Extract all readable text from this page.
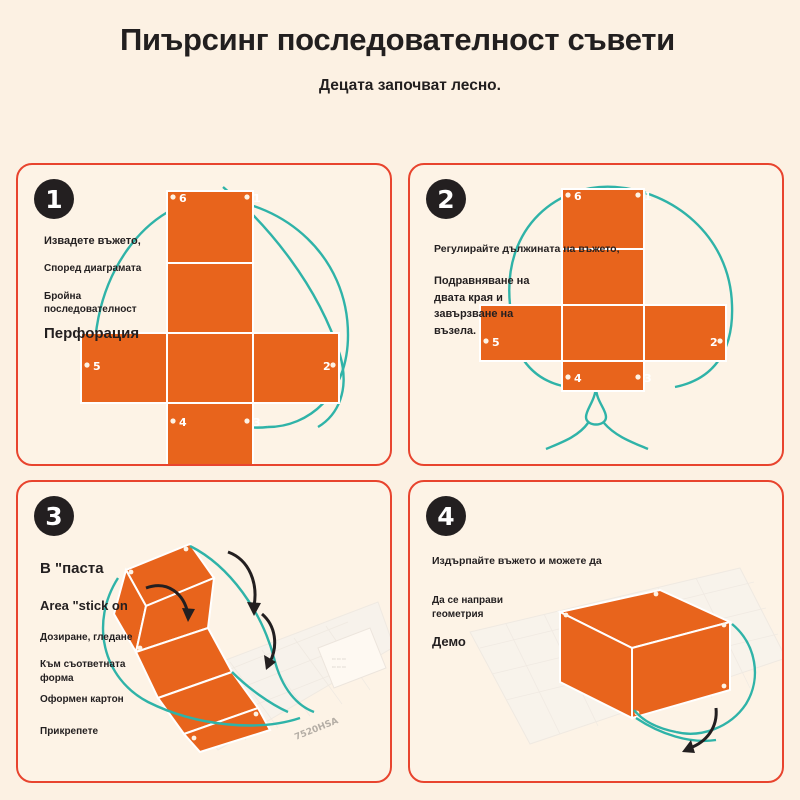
Пиърсинг последователност съвети
Децата започват лесно.
1	6	1
5	2
4	3
Извадете въжето,
Според диаграмата
Бройна последователност
Перфорация
2	6	1
5	2
4	3
Регулирайте дължината на въжето,
Подравняване на двата края и завързване на възела.
3
▭ ▭ ▭
▭ ▭ ▭
7520HSA
В "паста
Area "stick on
Дозиране, гледане
Към съответната форма
Оформен картон
Прикрепете
4
Издърпайте въжето и можете да
Да се направи геометрия
Демо
